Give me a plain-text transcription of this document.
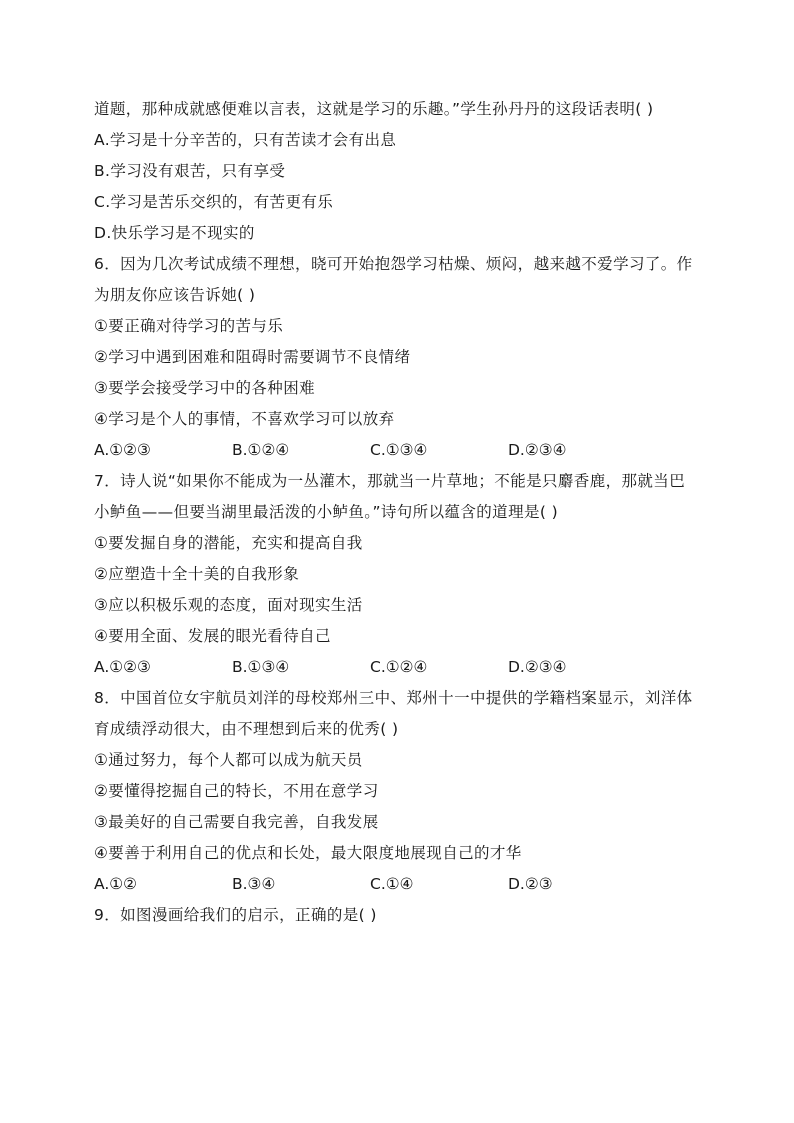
道题，那种成就感便难以言表，这就是学习的乐趣。”学生孙丹丹的这段话表明( )
A.学习是十分辛苦的，只有苦读才会有出息
B.学习没有艰苦，只有享受
C.学习是苦乐交织的，有苦更有乐
D.快乐学习是不现实的
6．因为几次考试成绩不理想，晓可开始抱怨学习枯燥、烦闷，越来越不爱学习了。作
为朋友你应该告诉她( )
①要正确对待学习的苦与乐
②学习中遇到困难和阻碍时需要调节不良情绪
③要学会接受学习中的各种困难
④学习是个人的事情，不喜欢学习可以放弃
A.①②③	B.①②④	C.①③④	D.②③④
7．诗人说“如果你不能成为一丛灌木，那就当一片草地；不能是只麝香鹿，那就当巴
小鲈鱼——但要当湖里最活泼的小鲈鱼。”诗句所以蕴含的道理是( )
①要发掘自身的潜能，充实和提高自我
②应塑造十全十美的自我形象
③应以积极乐观的态度，面对现实生活
④要用全面、发展的眼光看待自己
A.①②③	B.①③④	C.①②④	D.②③④
8．中国首位女宇航员刘洋的母校郑州三中、郑州十一中提供的学籍档案显示，刘洋体
育成绩浮动很大，由不理想到后来的优秀( )
①通过努力，每个人都可以成为航天员
②要懂得挖掘自己的特长，不用在意学习
③最美好的自己需要自我完善，自我发展
④要善于利用自己的优点和长处，最大限度地展现自己的才华
A.①②	B.③④	C.①④	D.②③
9．如图漫画给我们的启示，正确的是( )
